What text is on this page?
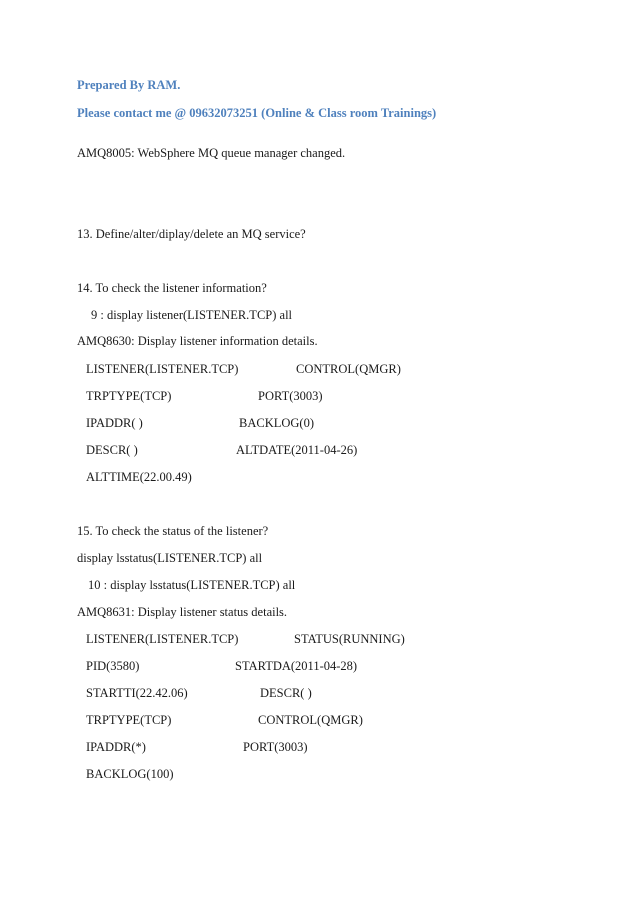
Prepared By RAM.
Please contact me @ 09632073251 (Online & Class room Trainings)
AMQ8005: WebSphere MQ queue manager changed.
13. Define/alter/diplay/delete an MQ service?
14. To check the listener information?
9 : display listener(LISTENER.TCP) all
AMQ8630: Display listener information details.
LISTENER(LISTENER.TCP)	CONTROL(QMGR)
TRPTYPE(TCP)	PORT(3003)
IPADDR( )	BACKLOG(0)
DESCR( )	ALTDATE(2011-04-26)
ALTTIME(22.00.49)
15. To check the status of the listener?
display lsstatus(LISTENER.TCP) all
10 : display lsstatus(LISTENER.TCP) all
AMQ8631: Display listener status details.
LISTENER(LISTENER.TCP)	STATUS(RUNNING)
PID(3580)	STARTDA(2011-04-28)
STARTTI(22.42.06)	DESCR( )
TRPTYPE(TCP)	CONTROL(QMGR)
IPADDR(*)	PORT(3003)
BACKLOG(100)
